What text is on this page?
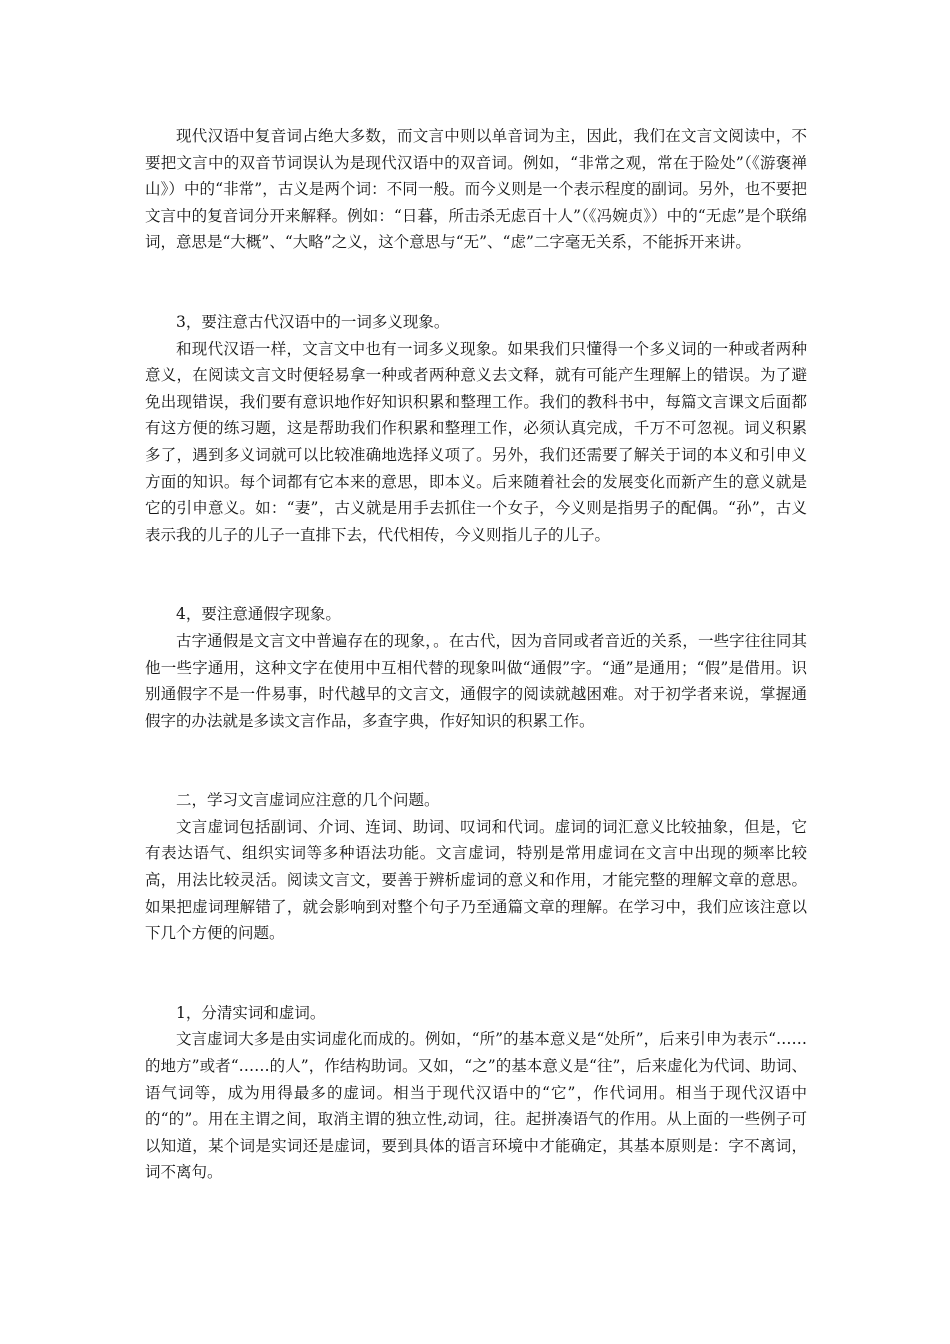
现代汉语中复音词占绝大多数，而文言中则以单音词为主，因此，我们在文言文阅读中，不要把文言中的双音节词误认为是现代汉语中的双音词。例如，“非常之观，常在于险处”（《游褒禅山》）中的“非常”，古义是两个词：不同一般。而今义则是一个表示程度的副词。另外，也不要把文言中的复音词分开来解释。例如：“日暮，所击杀无虑百十人”（《冯婉贞》）中的“无虑”是个联绵词，意思是“大概”、“大略”之义，这个意思与“无”、“虑”二字毫无关系，不能拆开来讲。

3，要注意古代汉语中的一词多义现象。

和现代汉语一样，文言文中也有一词多义现象。如果我们只懂得一个多义词的一种或者两种意义，在阅读文言文时便轻易拿一种或者两种意义去文释，就有可能产生理解上的错误。为了避免出现错误，我们要有意识地作好知识积累和整理工作。我们的教科书中，每篇文言课文后面都有这方便的练习题，这是帮助我们作积累和整理工作，必须认真完成，千万不可忽视。词义积累多了，遇到多义词就可以比较准确地选择义项了。另外，我们还需要了解关于词的本义和引申义方面的知识。每个词都有它本来的意思，即本义。后来随着社会的发展变化而新产生的意义就是它的引申意义。如：“妻”，古义就是用手去抓住一个女子，今义则是指男子的配偶。“孙”，古义表示我的儿子的儿子一直排下去，代代相传，今义则指儿子的儿子。

4，要注意通假字现象。

古字通假是文言文中普遍存在的现象，。在古代，因为音同或者音近的关系，一些字往往同其他一些字通用，这种文字在使用中互相代替的现象叫做“通假”字。“通”是通用；“假”是借用。识别通假字不是一件易事，时代越早的文言文，通假字的阅读就越困难。对于初学者来说，掌握通假字的办法就是多读文言作品，多查字典，作好知识的积累工作。

二，学习文言虚词应注意的几个问题。

文言虚词包括副词、介词、连词、助词、叹词和代词。虚词的词汇意义比较抽象，但是，它有表达语气、组织实词等多种语法功能。文言虚词，特别是常用虚词在文言中出现的频率比较高，用法比较灵活。阅读文言文，要善于辨析虚词的意义和作用，才能完整的理解文章的意思。如果把虚词理解错了，就会影响到对整个句子乃至通篇文章的理解。在学习中，我们应该注意以下几个方便的问题。

1，分清实词和虚词。

文言虚词大多是由实词虚化而成的。例如，“所”的基本意义是“处所”，后来引申为表示“……的地方”或者“……的人”，作结构助词。又如，“之”的基本意义是“往”，后来虚化为代词、助词、语气词等，成为用得最多的虚词。相当于现代汉语中的“它”，作代词用。相当于现代汉语中的“的”。用在主谓之间，取消主谓的独立性,动词，往。起拼凑语气的作用。从上面的一些例子可以知道，某个词是实词还是虚词，要到具体的语言环境中才能确定，其基本原则是：字不离词，词不离句。
